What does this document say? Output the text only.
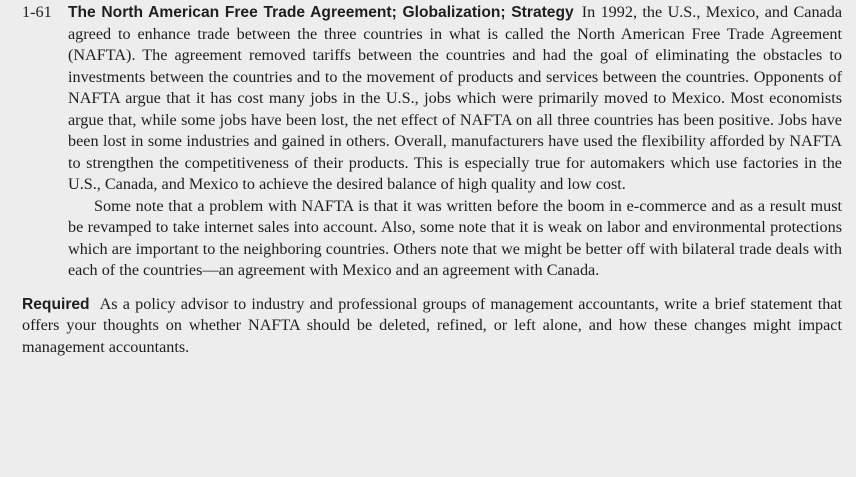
1-61 The North American Free Trade Agreement; Globalization; Strategy In 1992, the U.S., Mexico, and Canada agreed to enhance trade between the three countries in what is called the North American Free Trade Agreement (NAFTA). The agreement removed tariffs between the countries and had the goal of eliminating the obstacles to investments between the countries and to the movement of products and services between the countries. Opponents of NAFTA argue that it has cost many jobs in the U.S., jobs which were primarily moved to Mexico. Most economists argue that, while some jobs have been lost, the net effect of NAFTA on all three countries has been positive. Jobs have been lost in some industries and gained in others. Overall, manufacturers have used the flexibility afforded by NAFTA to strengthen the competitiveness of their products. This is especially true for automakers which use factories in the U.S., Canada, and Mexico to achieve the desired balance of high quality and low cost.

Some note that a problem with NAFTA is that it was written before the boom in e-commerce and as a result must be revamped to take internet sales into account. Also, some note that it is weak on labor and environmental protections which are important to the neighboring countries. Others note that we might be better off with bilateral trade deals with each of the countries—an agreement with Mexico and an agreement with Canada.

Required As a policy advisor to industry and professional groups of management accountants, write a brief statement that offers your thoughts on whether NAFTA should be deleted, refined, or left alone, and how these changes might impact management accountants.
